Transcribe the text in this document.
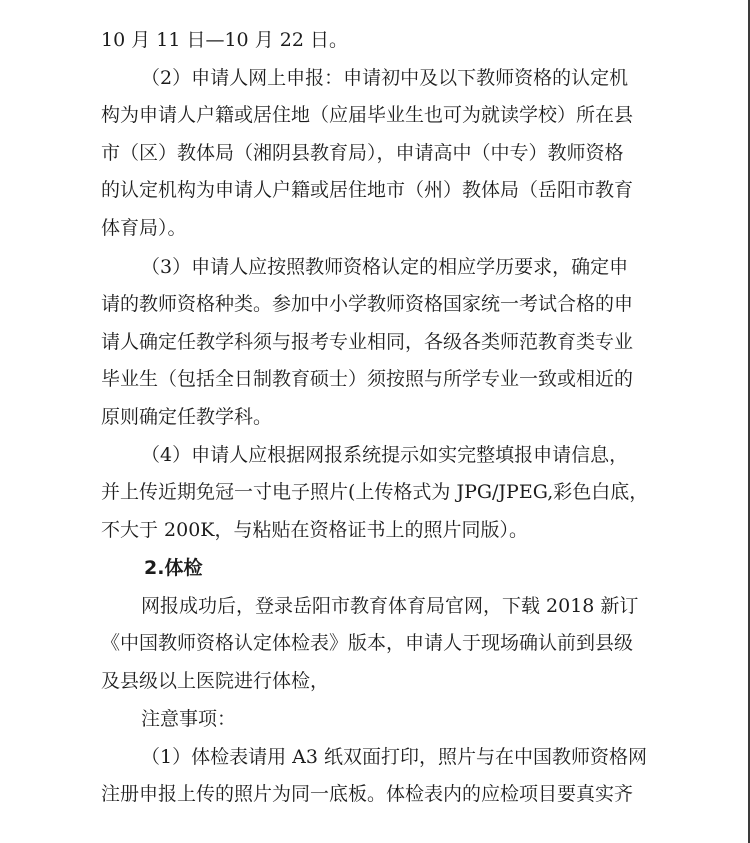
10 月 11 日—10 月 22 日。
（2）申请人网上申报：申请初中及以下教师资格的认定机
构为申请人户籍或居住地（应届毕业生也可为就读学校）所在县
市（区）教体局（湘阴县教育局），申请高中（中专）教师资格
的认定机构为申请人户籍或居住地市（州）教体局（岳阳市教育
体育局）。
（3）申请人应按照教师资格认定的相应学历要求，确定申
请的教师资格种类。参加中小学教师资格国家统一考试合格的申
请人确定任教学科须与报考专业相同，各级各类师范教育类专业
毕业生（包括全日制教育硕士）须按照与所学专业一致或相近的
原则确定任教学科。
（4）申请人应根据网报系统提示如实完整填报申请信息，
并上传近期免冠一寸电子照片(上传格式为 JPG/JPEG,彩色白底，
不大于 200K，与粘贴在资格证书上的照片同版）。
2.体检
网报成功后，登录岳阳市教育体育局官网，下载 2018 新订
《中国教师资格认定体检表》版本，申请人于现场确认前到县级
及县级以上医院进行体检，
注意事项：
（1）体检表请用 A3 纸双面打印，照片与在中国教师资格网
注册申报上传的照片为同一底板。体检表内的应检项目要真实齐
